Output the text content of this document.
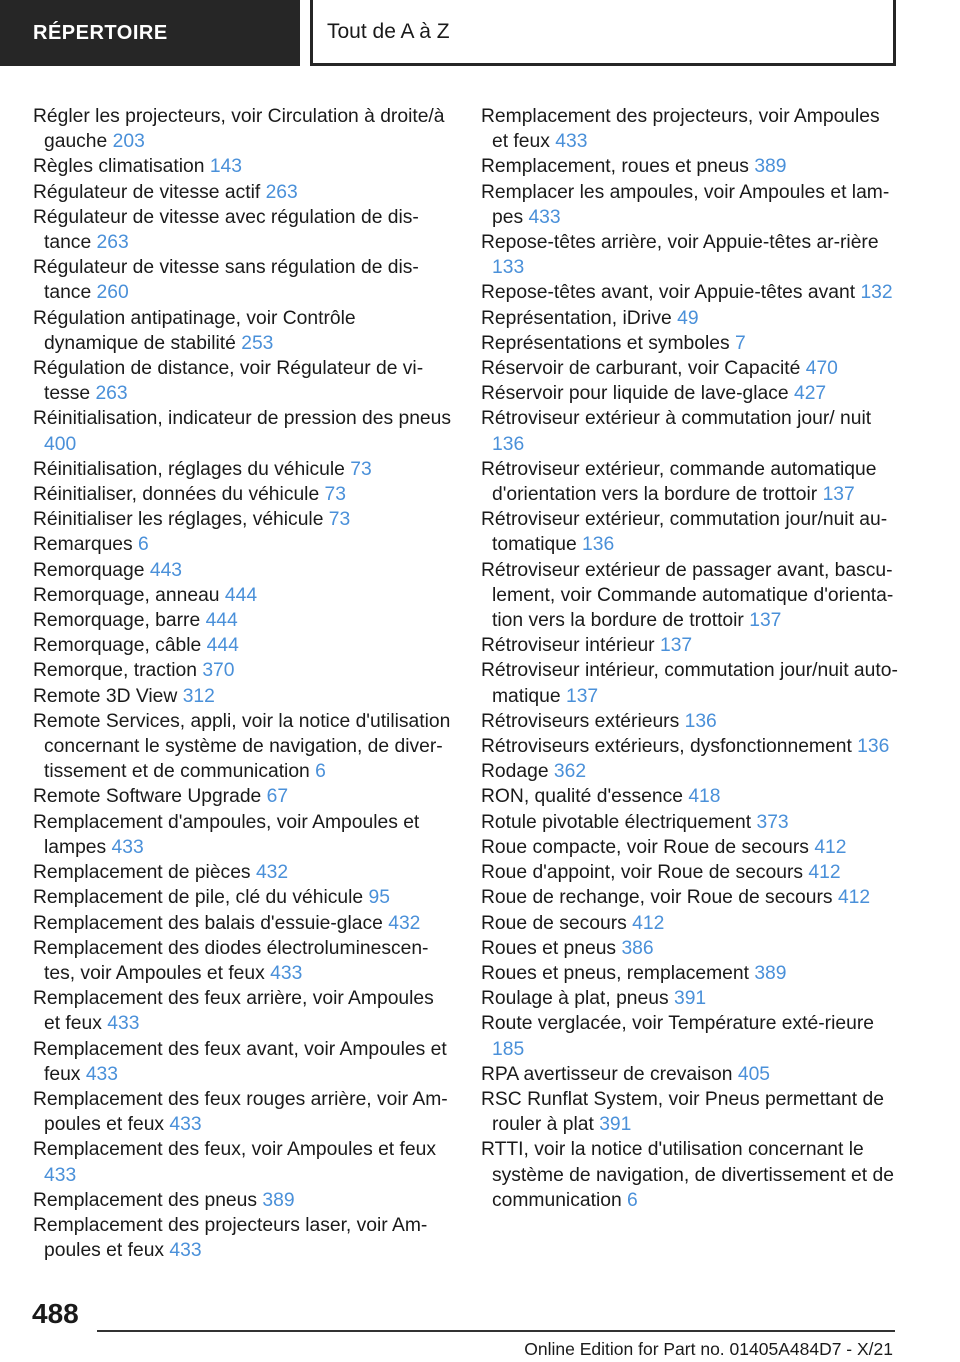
RÉPERTOIRE	Tout de A à Z

Régler les projecteurs, voir Circulation à droite/à gauche 203

Règles climatisation 143

Régulateur de vitesse actif 263

Régulateur de vitesse avec régulation de dis-tance 263

Régulateur de vitesse sans régulation de dis-tance 260

Régulation antipatinage, voir Contrôle dynamique de stabilité 253

Régulation de distance, voir Régulateur de vi-tesse 263

Réinitialisation, indicateur de pression des pneus 400

Réinitialisation, réglages du véhicule 73

Réinitialiser, données du véhicule 73

Réinitialiser les réglages, véhicule 73

Remarques 6

Remorquage 443

Remorquage, anneau 444

Remorquage, barre 444

Remorquage, câble 444

Remorque, traction 370

Remote 3D View 312

Remote Services, appli, voir la notice d'utilisation concernant le système de navigation, de diver-tissement et de communication 6

Remote Software Upgrade 67

Remplacement d'ampoules, voir Ampoules et lampes 433

Remplacement de pièces 432

Remplacement de pile, clé du véhicule 95

Remplacement des balais d'essuie-glace 432

Remplacement des diodes électroluminescen-tes, voir Ampoules et feux 433

Remplacement des feux arrière, voir Ampoules et feux 433

Remplacement des feux avant, voir Ampoules et feux 433

Remplacement des feux rouges arrière, voir Am-poules et feux 433

Remplacement des feux, voir Ampoules et feux 433

Remplacement des pneus 389

Remplacement des projecteurs laser, voir Am-poules et feux 433

Remplacement des projecteurs, voir Ampoules et feux 433

Remplacement, roues et pneus 389

Remplacer les ampoules, voir Ampoules et lam-pes 433

Repose-têtes arrière, voir Appuie-têtes ar-rière 133

Repose-têtes avant, voir Appuie-têtes avant 132

Représentation, iDrive 49

Représentations et symboles 7

Réservoir de carburant, voir Capacité 470

Réservoir pour liquide de lave-glace 427

Rétroviseur extérieur à commutation jour/ nuit 136

Rétroviseur extérieur, commande automatique d'orientation vers la bordure de trottoir 137

Rétroviseur extérieur, commutation jour/nuit au-tomatique 136

Rétroviseur extérieur de passager avant, bascu-lement, voir Commande automatique d'orienta-tion vers la bordure de trottoir 137

Rétroviseur intérieur 137

Rétroviseur intérieur, commutation jour/nuit auto-matique 137

Rétroviseurs extérieurs 136

Rétroviseurs extérieurs, dysfonctionnement 136

Rodage 362

RON, qualité d'essence 418

Rotule pivotable électriquement 373

Roue compacte, voir Roue de secours 412

Roue d'appoint, voir Roue de secours 412

Roue de rechange, voir Roue de secours 412

Roue de secours 412

Roues et pneus 386

Roues et pneus, remplacement 389

Roulage à plat, pneus 391

Route verglacée, voir Température exté-rieure 185

RPA avertisseur de crevaison 405

RSC Runflat System, voir Pneus permettant de rouler à plat 391

RTTI, voir la notice d'utilisation concernant le système de navigation, de divertissement et de communication 6

488
Online Edition for Part no. 01405A484D7 - X/21
